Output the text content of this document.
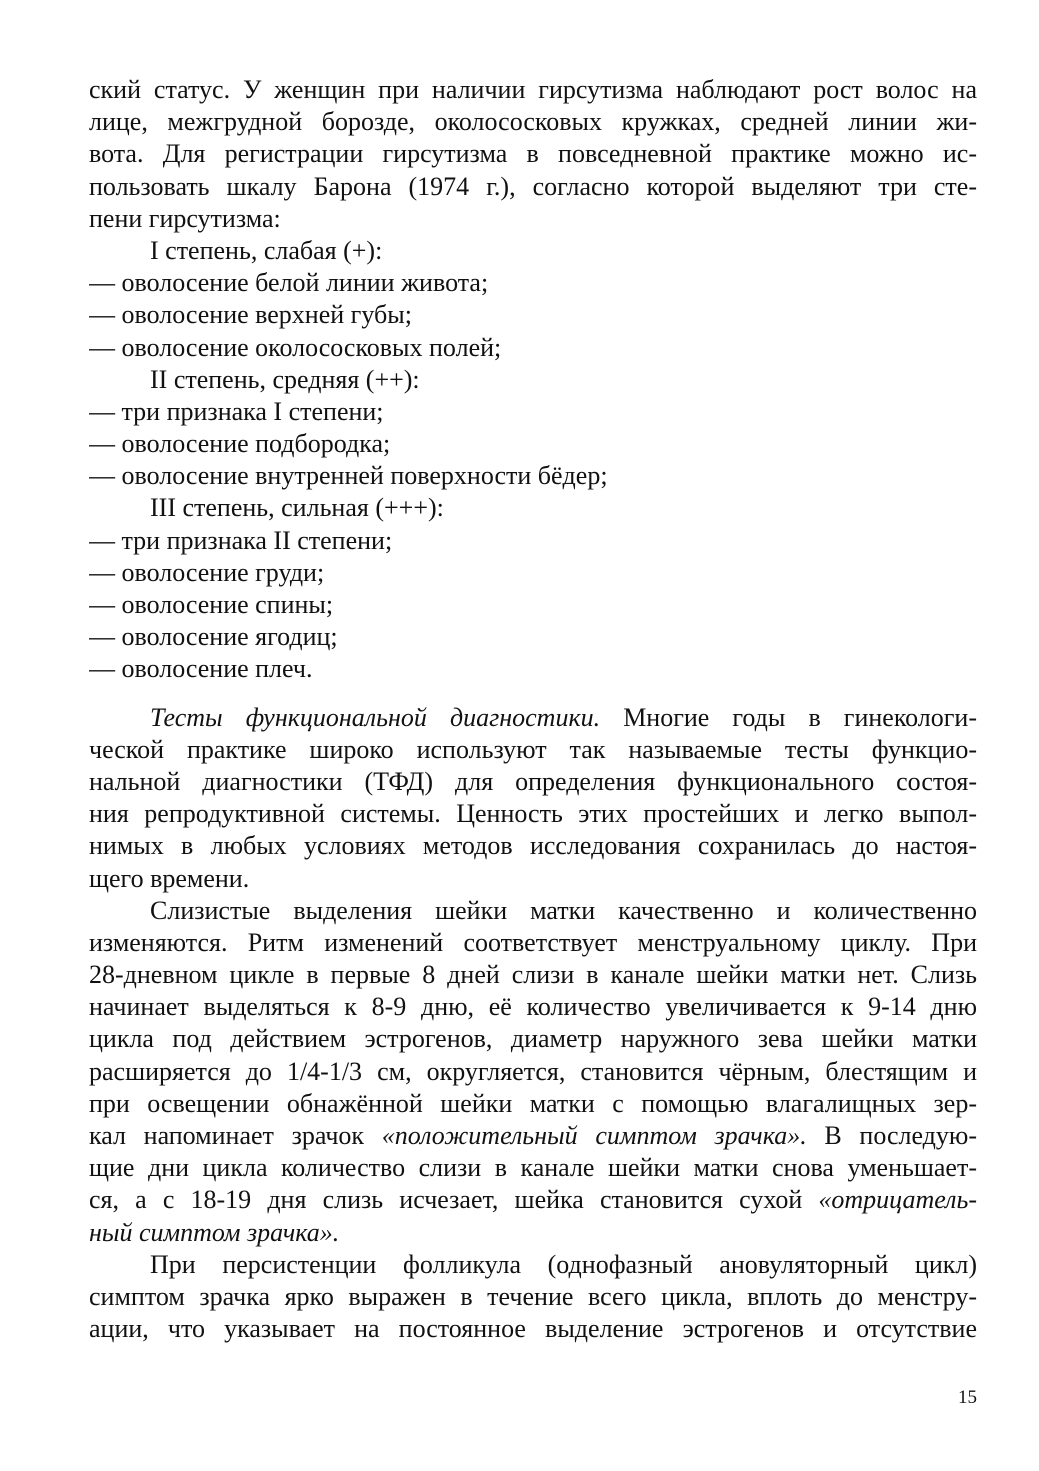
ский статус. У женщин при наличии гирсутизма наблюдают рост волос на
лице, межгрудной борозде, околососковых кружках, средней линии жи-
вота. Для регистрации гирсутизма в повседневной практике можно ис-
пользовать шкалу Барона (1974 г.), согласно которой выделяют три сте-
пени гирсутизма:
I степень, слабая (+):
— оволосение белой линии живота;
— оволосение верхней губы;
— оволосение околососковых полей;
II степень, средняя (++):
— три признака I степени;
— оволосение подбородка;
— оволосение внутренней поверхности бёдер;
III степень, сильная (+++):
— три признака II степени;
— оволосение груди;
— оволосение спины;
— оволосение ягодиц;
— оволосение плеч.
Тесты функциональной диагностики. Многие годы в гинекологи-
ческой практике широко используют так называемые тесты функцио-
нальной диагностики (ТФД) для определения функционального состоя-
ния репродуктивной системы. Ценность этих простейших и легко выпол-
нимых в любых условиях методов исследования сохранилась до настоя-
щего времени.
Слизистые выделения шейки матки качественно и количественно
изменяются. Ритм изменений соответствует менструальному циклу. При
28-дневном цикле в первые 8 дней слизи в канале шейки матки нет. Слизь
начинает выделяться к 8-9 дню, её количество увеличивается к 9-14 дню
цикла под действием эстрогенов, диаметр наружного зева шейки матки
расширяется до 1/4-1/3 см, округляется, становится чёрным, блестящим и
при освещении обнажённой шейки матки с помощью влагалищных зер-
кал напоминает зрачок «положительный симптом зрачка». В последую-
щие дни цикла количество слизи в канале шейки матки снова уменьшает-
ся, а с 18-19 дня слизь исчезает, шейка становится сухой «отрицатель-
ный симптом зрачка».
При персистенции фолликула (однофазный ановуляторный цикл)
симптом зрачка ярко выражен в течение всего цикла, вплоть до менстру-
ации, что указывает на постоянное выделение эстрогенов и отсутствие
15
